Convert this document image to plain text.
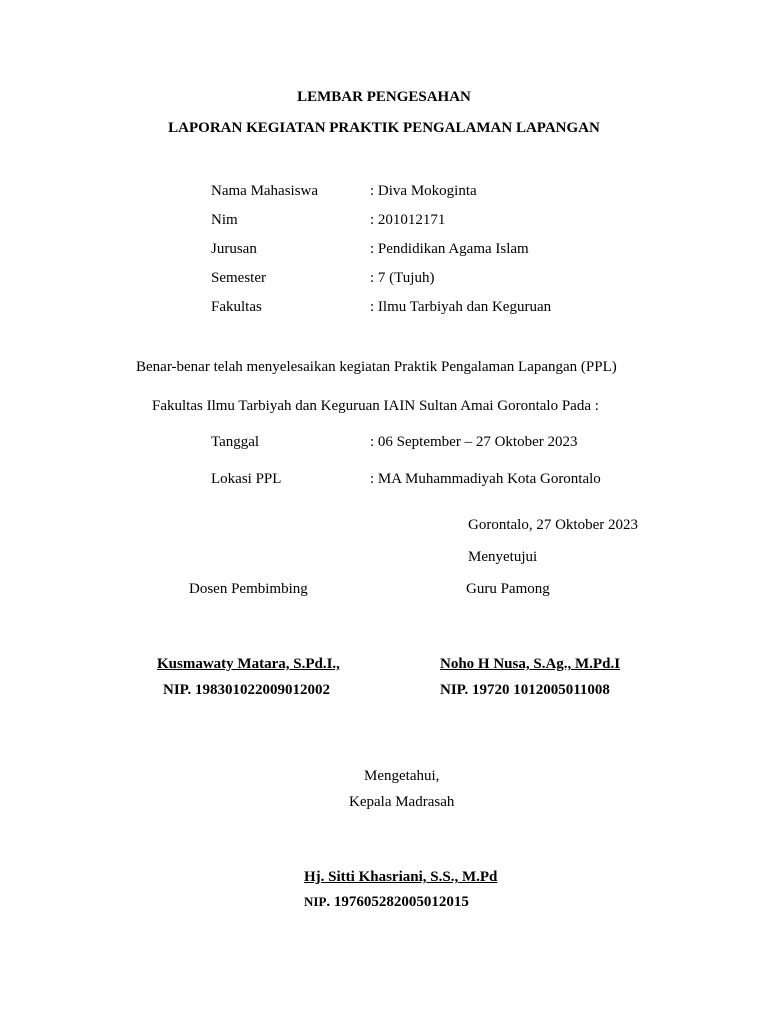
LEMBAR PENGESAHAN
LAPORAN KEGIATAN PRAKTIK PENGALAMAN LAPANGAN
Nama Mahasiswa	: Diva Mokoginta
Nim	: 201012171
Jurusan	: Pendidikan Agama Islam
Semester	: 7 (Tujuh)
Fakultas	: Ilmu Tarbiyah dan Keguruan
Benar-benar telah menyelesaikan kegiatan Praktik Pengalaman Lapangan (PPL)
Fakultas Ilmu Tarbiyah dan Keguruan IAIN Sultan Amai Gorontalo Pada :
Tanggal	: 06 September – 27 Oktober 2023
Lokasi PPL	: MA Muhammadiyah Kota Gorontalo
Gorontalo, 27 Oktober 2023
Menyetujui
Dosen Pembimbing	Guru Pamong
Kusmawaty Matara, S.Pd.I.,
NIP. 198301022009012002
Noho H Nusa, S.Ag., M.Pd.I
NIP. 19720 1012005011008
Mengetahui,
Kepala Madrasah
Hj. Sitti Khasriani, S.S., M.Pd
NIP. 197605282005012015
